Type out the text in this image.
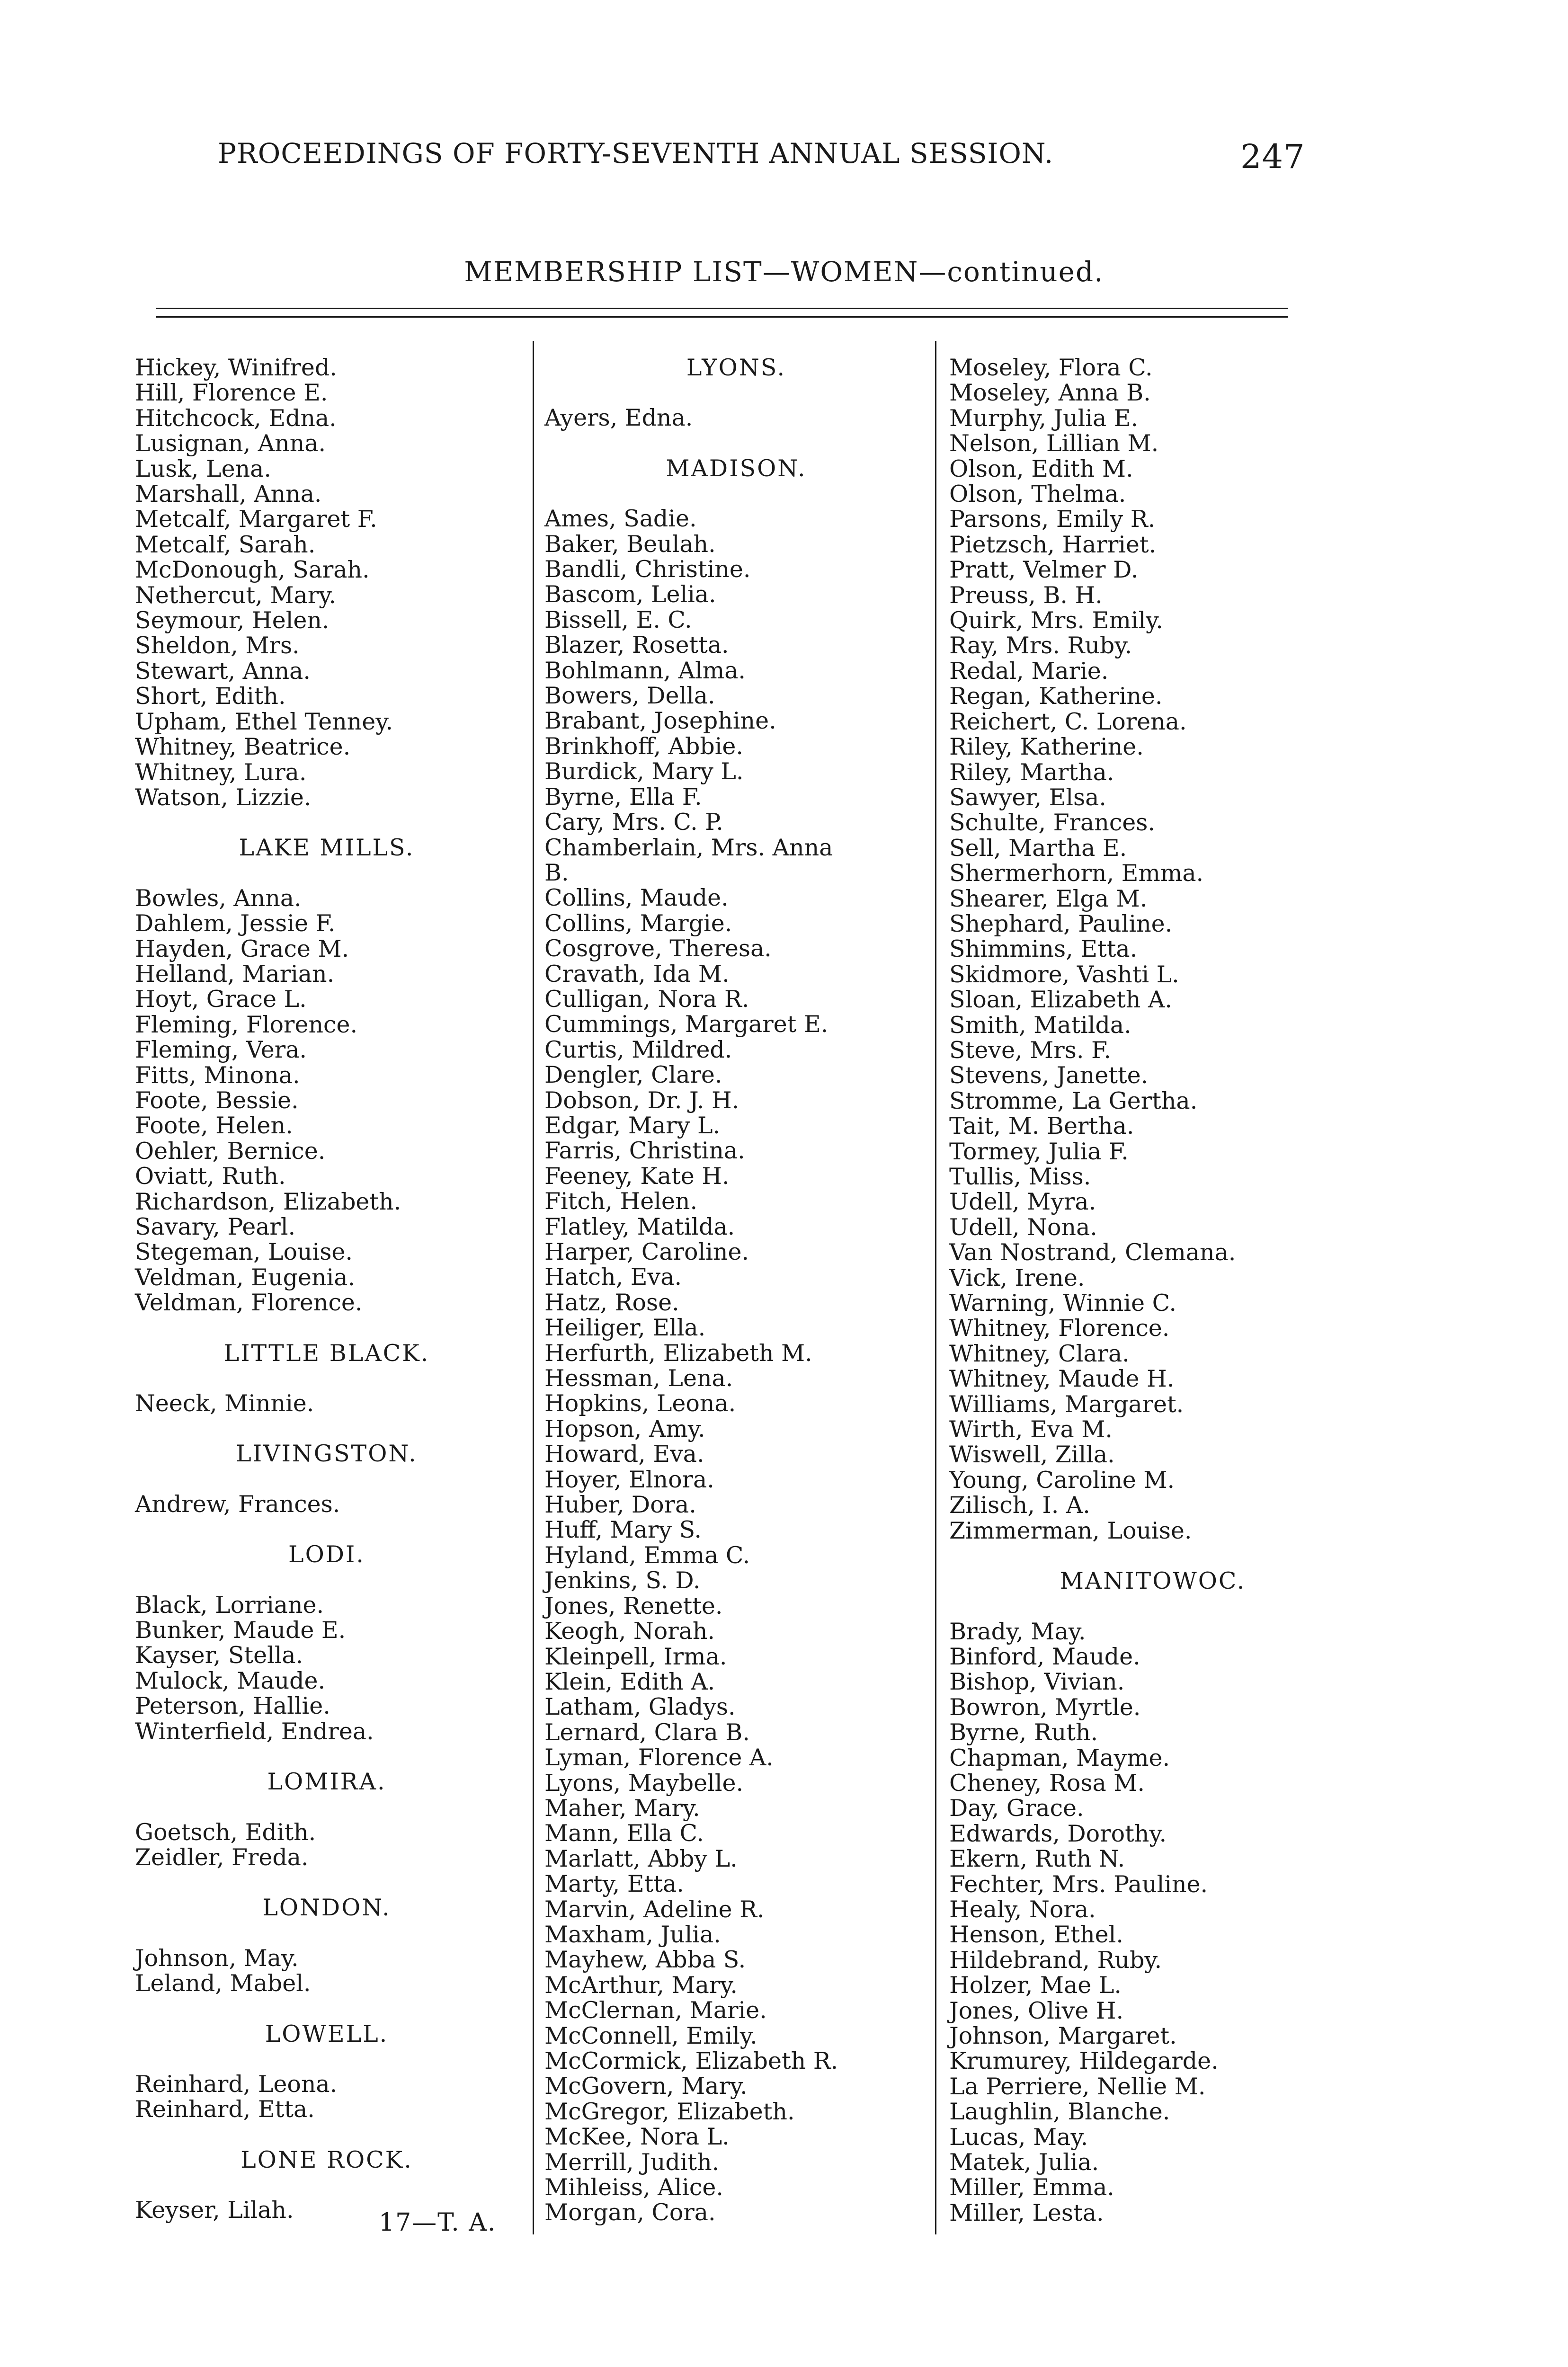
PROCEEDINGS OF FORTY-SEVENTH ANNUAL SESSION.	247
MEMBERSHIP LIST—WOMEN—continued.
Hickey, Winifred.
Hill, Florence E.
Hitchcock, Edna.
Lusignan, Anna.
Lusk, Lena.
Marshall, Anna.
Metcalf, Margaret F.
Metcalf, Sarah.
McDonough, Sarah.
Nethercut, Mary.
Seymour, Helen.
Sheldon, Mrs.
Stewart, Anna.
Short, Edith.
Upham, Ethel Tenney.
Whitney, Beatrice.
Whitney, Lura.
Watson, Lizzie.
LAKE MILLS.
Bowles, Anna.
Dahlem, Jessie F.
Hayden, Grace M.
Helland, Marian.
Hoyt, Grace L.
Fleming, Florence.
Fleming, Vera.
Fitts, Minona.
Foote, Bessie.
Foote, Helen.
Oehler, Bernice.
Oviatt, Ruth.
Richardson, Elizabeth.
Savary, Pearl.
Stegeman, Louise.
Veldman, Eugenia.
Veldman, Florence.
LITTLE BLACK.
Neeck, Minnie.
LIVINGSTON.
Andrew, Frances.
LODI.
Black, Lorriane.
Bunker, Maude E.
Kayser, Stella.
Mulock, Maude.
Peterson, Hallie.
Winterfield, Endrea.
LOMIRA.
Goetsch, Edith.
Zeidler, Freda.
LONDON.
Johnson, May.
Leland, Mabel.
LOWELL.
Reinhard, Leona.
Reinhard, Etta.
LONE ROCK.
Keyser, Lilah.
LYONS.
Ayers, Edna.
MADISON.
Ames, Sadie.
Baker, Beulah.
Bandli, Christine.
Bascom, Lelia.
Bissell, E. C.
Blazer, Rosetta.
Bohlmann, Alma.
Bowers, Della.
Brabant, Josephine.
Brinkhoff, Abbie.
Burdick, Mary L.
Byrne, Ella F.
Cary, Mrs. C. P.
Chamberlain, Mrs. Anna
B.
Collins, Maude.
Collins, Margie.
Cosgrove, Theresa.
Cravath, Ida M.
Culligan, Nora R.
Cummings, Margaret E.
Curtis, Mildred.
Dengler, Clare.
Dobson, Dr. J. H.
Edgar, Mary L.
Farris, Christina.
Feeney, Kate H.
Fitch, Helen.
Flatley, Matilda.
Harper, Caroline.
Hatch, Eva.
Hatz, Rose.
Heiliger, Ella.
Herfurth, Elizabeth M.
Hessman, Lena.
Hopkins, Leona.
Hopson, Amy.
Howard, Eva.
Hoyer, Elnora.
Huber, Dora.
Huff, Mary S.
Hyland, Emma C.
Jenkins, S. D.
Jones, Renette.
Keogh, Norah.
Kleinpell, Irma.
Klein, Edith A.
Latham, Gladys.
Lernard, Clara B.
Lyman, Florence A.
Lyons, Maybelle.
Maher, Mary.
Mann, Ella C.
Marlatt, Abby L.
Marty, Etta.
Marvin, Adeline R.
Maxham, Julia.
Mayhew, Abba S.
McArthur, Mary.
McClernan, Marie.
McConnell, Emily.
McCormick, Elizabeth R.
McGovern, Mary.
McGregor, Elizabeth.
McKee, Nora L.
Merrill, Judith.
Mihleiss, Alice.
Morgan, Cora.
Moseley, Flora C.
Moseley, Anna B.
Murphy, Julia E.
Nelson, Lillian M.
Olson, Edith M.
Olson, Thelma.
Parsons, Emily R.
Pietzsch, Harriet.
Pratt, Velmer D.
Preuss, B. H.
Quirk, Mrs. Emily.
Ray, Mrs. Ruby.
Redal, Marie.
Regan, Katherine.
Reichert, C. Lorena.
Riley, Katherine.
Riley, Martha.
Sawyer, Elsa.
Schulte, Frances.
Sell, Martha E.
Shermerhorn, Emma.
Shearer, Elga M.
Shephard, Pauline.
Shimmins, Etta.
Skidmore, Vashti L.
Sloan, Elizabeth A.
Smith, Matilda.
Steve, Mrs. F.
Stevens, Janette.
Stromme, La Gertha.
Tait, M. Bertha.
Tormey, Julia F.
Tullis, Miss.
Udell, Myra.
Udell, Nona.
Van Nostrand, Clemana.
Vick, Irene.
Warning, Winnie C.
Whitney, Florence.
Whitney, Clara.
Whitney, Maude H.
Williams, Margaret.
Wirth, Eva M.
Wiswell, Zilla.
Young, Caroline M.
Zilisch, I. A.
Zimmerman, Louise.
MANITOWOC.
Brady, May.
Binford, Maude.
Bishop, Vivian.
Bowron, Myrtle.
Byrne, Ruth.
Chapman, Mayme.
Cheney, Rosa M.
Day, Grace.
Edwards, Dorothy.
Ekern, Ruth N.
Fechter, Mrs. Pauline.
Healy, Nora.
Henson, Ethel.
Hildebrand, Ruby.
Holzer, Mae L.
Jones, Olive H.
Johnson, Margaret.
Krumurey, Hildegarde.
La Perriere, Nellie M.
Laughlin, Blanche.
Lucas, May.
Matek, Julia.
Miller, Emma.
Miller, Lesta.
17—T. A.
